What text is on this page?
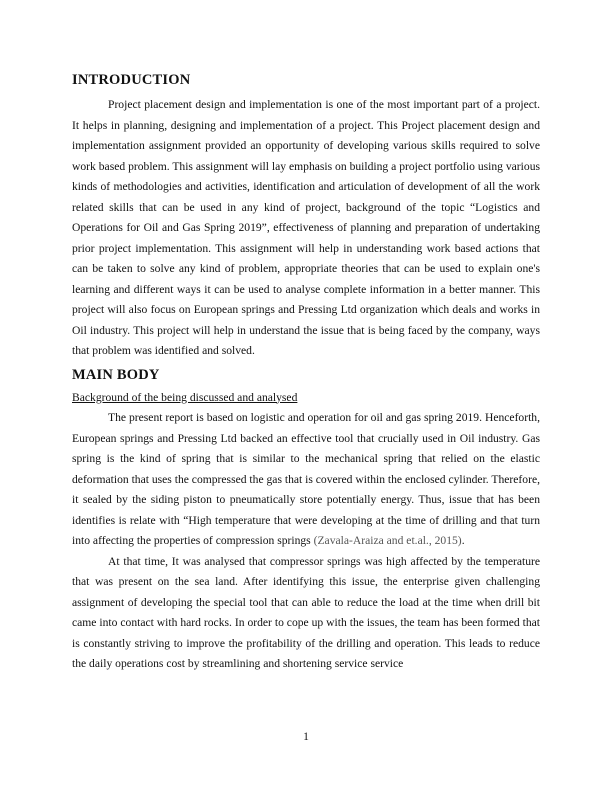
INTRODUCTION

Project placement design and implementation is one of the most important part of a project. It helps in planning, designing and implementation of a project. This Project placement design and implementation assignment provided an opportunity of developing various skills required to solve work based problem. This assignment will lay emphasis on building a project portfolio using various kinds of methodologies and activities, identification and articulation of development of all the work related skills that can be used in any kind of project, background of the topic “Logistics and Operations for Oil and Gas Spring 2019”, effectiveness of planning and preparation of undertaking prior project implementation. This assignment will help in understanding work based actions that can be taken to solve any kind of problem, appropriate theories that can be used to explain one's learning and different ways it can be used to analyse complete information in a better manner. This project will also focus on European springs and Pressing Ltd organization which deals and works in Oil industry. This project will help in understand the issue that is being faced by the company, ways that problem was identified and solved.

MAIN BODY
Background of the being discussed and analysed

The present report is based on logistic and operation for oil and gas spring 2019. Henceforth, European springs and Pressing Ltd backed an effective tool that crucially used in Oil industry. Gas spring is the kind of spring that is similar to the mechanical spring that relied on the elastic deformation that uses the compressed the gas that is covered within the enclosed cylinder. Therefore, it sealed by the siding piston to pneumatically store potentially energy. Thus, issue that has been identifies is relate with “High temperature that were developing at the time of drilling and that turn into affecting the properties of compression springs (Zavala-Araiza and et.al., 2015).

At that time, It was analysed that compressor springs was high affected by the temperature that was present on the sea land. After identifying this issue, the enterprise given challenging assignment of developing the special tool that can able to reduce the load at the time when drill bit came into contact with hard rocks. In order to cope up with the issues, the team has been formed that is constantly striving to improve the profitability of the drilling and operation. This leads to reduce the daily operations cost by streamlining and shortening service service

1
